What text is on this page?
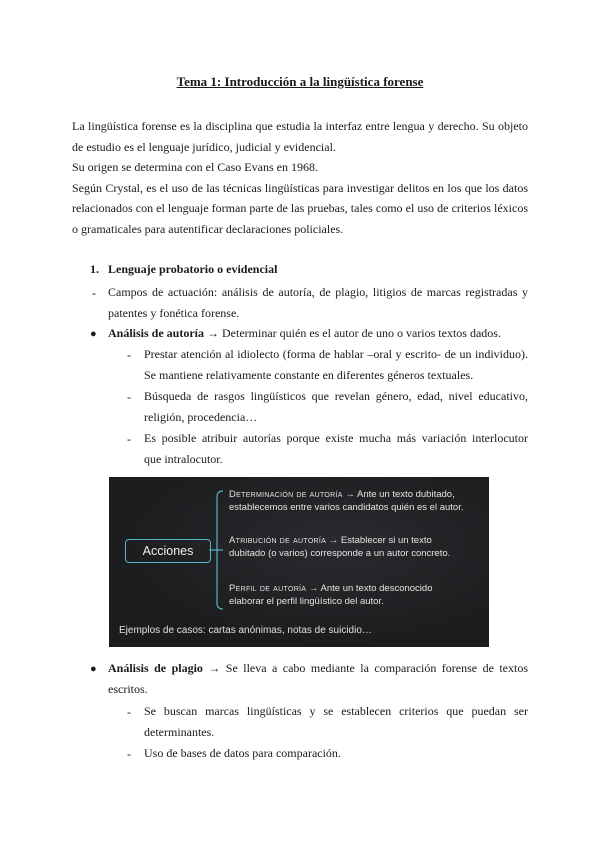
Tema 1: Introducción a la lingüística forense

La lingüística forense es la disciplina que estudia la interfaz entre lengua y derecho. Su objeto de estudio es el lenguaje jurídico, judicial y evidencial.

Su origen se determina con el Caso Evans en 1968.

Según Crystal, es el uso de las técnicas lingüísticas para investigar delitos en los que los datos relacionados con el lenguaje forman parte de las pruebas, tales como el uso de criterios léxicos o gramaticales para autentificar declaraciones policiales.

1. Lenguaje probatorio o evidencial
- Campos de actuación: análisis de autoría, de plagio, litigios de marcas registradas y
patentes y fonética forense.
● Análisis de autoría → Determinar quién es el autor de uno o varios textos dados.
- Prestar atención al idiolecto (forma de hablar –oral y escrito- de un individuo).
Se mantiene relativamente constante en diferentes géneros textuales.
- Búsqueda de rasgos lingüísticos que revelan género, edad, nivel educativo,
religión, procedencia…
- Es posible atribuir autorías porque existe mucha más variación interlocutor
que intralocutor.
Acciones
Determinación de autoría → Ante un texto dubitado,
establecemos entre varios candidatos quién es el autor.
Atribución de autoría → Establecer si un texto
dubitado (o varios) corresponde a un autor concreto.
Perfil de autoría → Ante un texto desconocido
elaborar el perfil lingüístico del autor.
Ejemplos de casos: cartas anónimas, notas de suicidio…
● Análisis de plagio → Se lleva a cabo mediante la comparación forense de textos
escritos.
- Se buscan marcas lingüísticas y se establecen criterios que puedan ser
determinantes.
- Uso de bases de datos para comparación.
